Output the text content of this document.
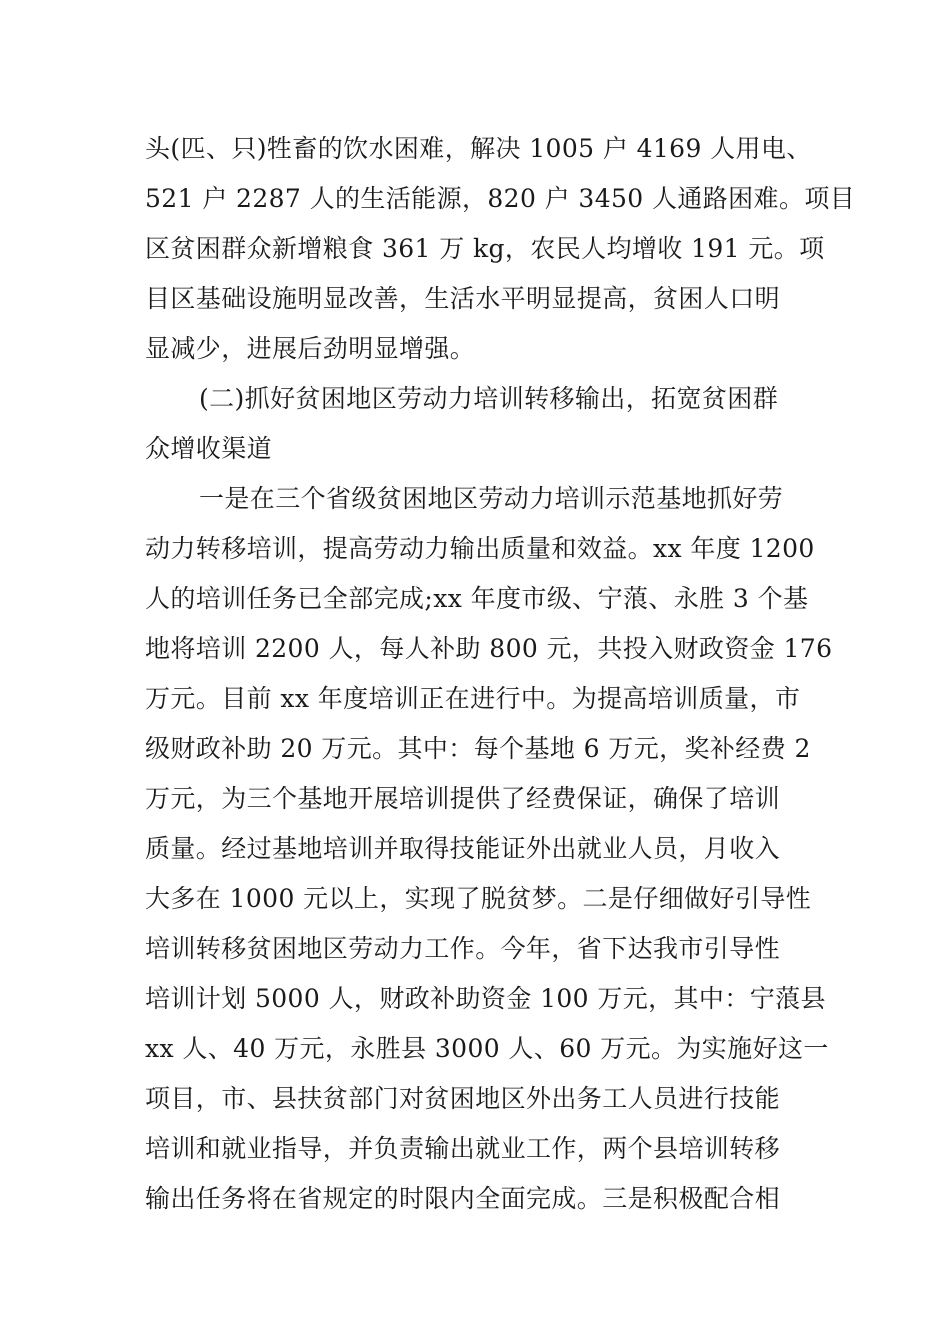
头(匹、只)牲畜的饮水困难，解决 1005 户 4169 人用电、
521 户 2287 人的生活能源，820 户 3450 人通路困难。项目
区贫困群众新增粮食 361 万 kg，农民人均增收 191 元。项
目区基础设施明显改善，生活水平明显提高，贫困人口明
显减少，进展后劲明显增强。
(二)抓好贫困地区劳动力培训转移输出，拓宽贫困群
众增收渠道
一是在三个省级贫困地区劳动力培训示范基地抓好劳
动力转移培训，提高劳动力输出质量和效益。xx 年度 1200
人的培训任务已全部完成;xx 年度市级、宁蒗、永胜 3 个基
地将培训 2200 人，每人补助 800 元，共投入财政资金 176
万元。目前 xx 年度培训正在进行中。为提高培训质量，市
级财政补助 20 万元。其中：每个基地 6 万元，奖补经费 2
万元，为三个基地开展培训提供了经费保证，确保了培训
质量。经过基地培训并取得技能证外出就业人员，月收入
大多在 1000 元以上，实现了脱贫梦。二是仔细做好引导性
培训转移贫困地区劳动力工作。今年，省下达我市引导性
培训计划 5000 人，财政补助资金 100 万元，其中：宁蒗县
xx 人、40 万元，永胜县 3000 人、60 万元。为实施好这一
项目，市、县扶贫部门对贫困地区外出务工人员进行技能
培训和就业指导，并负责输出就业工作，两个县培训转移
输出任务将在省规定的时限内全面完成。三是积极配合相
